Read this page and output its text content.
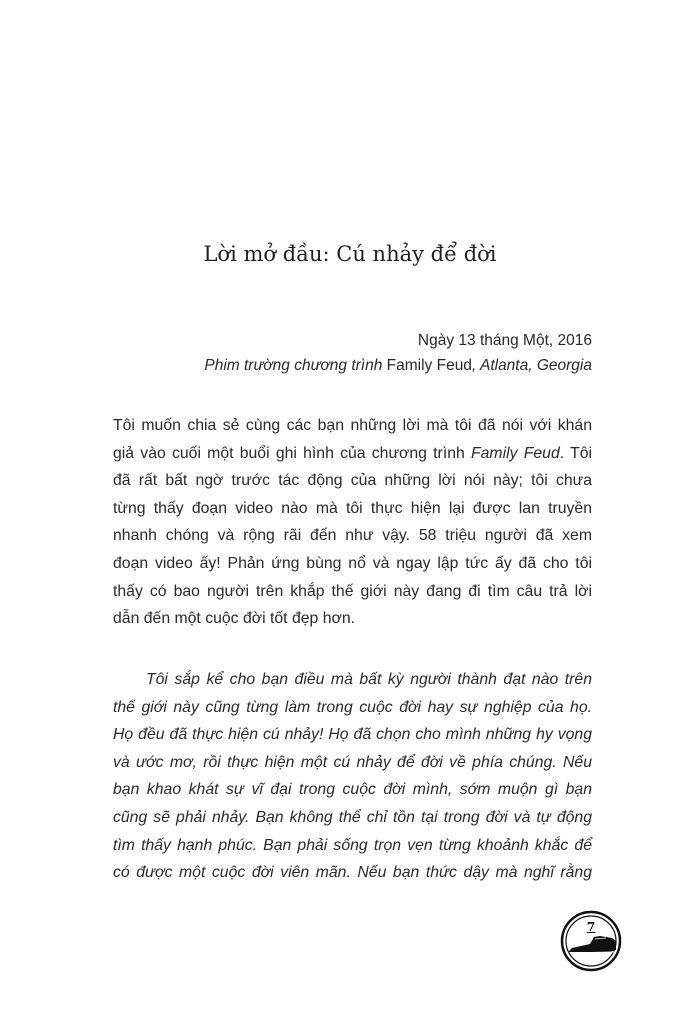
Lời mở đầu: Cú nhảy để đời
Ngày 13 tháng Một, 2016
Phim trường chương trình Family Feud, Atlanta, Georgia
Tôi muốn chia sẻ cùng các bạn những lời mà tôi đã nói với khán
giả vào cuối một buổi ghi hình của chương trình Family Feud. Tôi
đã rất bất ngờ trước tác động của những lời nói này; tôi chưa
từng thấy đoạn video nào mà tôi thực hiện lại được lan truyền
nhanh chóng và rộng rãi đến như vậy. 58 triệu người đã xem
đoạn video ấy! Phản ứng bùng nổ và ngay lập tức ấy đã cho tôi
thấy có bao người trên khắp thế giới này đang đi tìm câu trả lời
dẫn đến một cuộc đời tốt đẹp hơn.
Tôi sắp kể cho bạn điều mà bất kỳ người thành đạt nào trên
thế giới này cũng từng làm trong cuộc đời hay sự nghiệp của họ.
Họ đều đã thực hiện cú nhảy! Họ đã chọn cho mình những hy vọng
và ước mơ, rồi thực hiện một cú nhảy để đời về phía chúng. Nếu
bạn khao khát sự vĩ đại trong cuộc đời mình, sớm muộn gì bạn
cũng sẽ phải nhảy. Bạn không thể chỉ tồn tại trong đời và tự động
tìm thấy hạnh phúc. Bạn phải sống trọn vẹn từng khoảnh khắc để
có được một cuộc đời viên mãn. Nếu bạn thức dậy mà nghĩ rằng
7
